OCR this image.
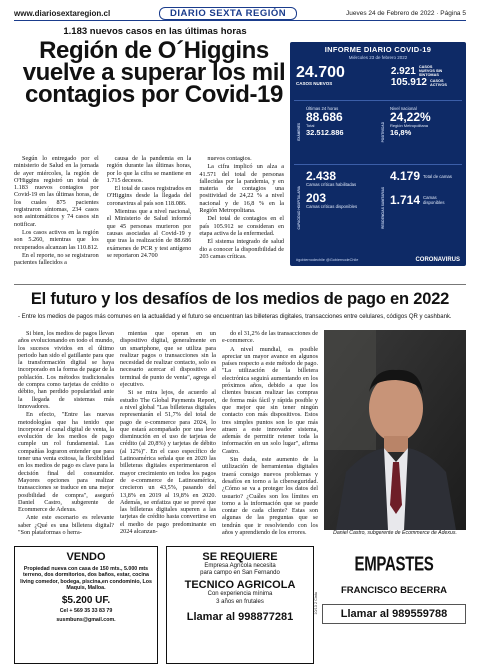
www.diariosextaregion.cl	DIARIO SEXTA REGIÓN	Jueves 24 de Febrero de 2022 · Página 5
1.183 nuevos casos en las últimas horas
Región de O´Higgins vuelve a superar los mil contagios por Covid-19

Según lo entregado por el ministerio de Salud en la jornada de ayer miércoles, la región de O'Higgins registró un total de 1.183 nuevos contagios por Covid-19 en las últimas horas, de los cuales 875 pacientes registraron síntomas, 234 casos son asintomáticos y 74 casos sin notificar.

Los casos activos en la región son 5.260, mientras que los recuperados alcanzan las 110.812.

En el reporte, no se registraron pacientes fallecidos a

causa de la pandemia en la región durante las últimas horas, por lo que la cifra se mantiene en 1.715 decesos.

El total de casos registrados en O'Higgins desde la llegada del coronavirus al país son 118.086.

Mientras que a nivel nacional, el Ministerio de Salud informó que 45 personas murieron por causas asociadas al Covid-19 y que tras la realización de 88.686 exámenes de PCR y test antígeno se reportaron 24.700

nuevos contagios.

La cifra implicó un alza a 41.571 del total de personas fallecidas por la pandemia, y en materia de contagios una positividad de 24,22 % a nivel nacional y de 16,8 % en la Región Metropolitana.

Del total de contagios en el país 105.912 se consideran en etapa activa de la enfermedad.

El sistema integrado de salud dio a conocer la disponibilidad de 203 camas críticas.

INFORME DIARIO COVID-19
Miércoles 23 de febrero 2022
24.700
CASOS NUEVOS
2.921 CASOS NUEVOS SIN SÍNTOMAS
105.912 CASOS ACTIVOS
EXÁMENES
Últimas 24 horas
88.686
Total
32.512.886	POSITIVIDAD
Nivel nacional
24,22%
Región Metropolitana
16,8%
CAPACIDAD HOSPITALARIA
2.438
Camas críticas habilitadas
203
Camas críticas disponibles	RESIDENCIAS SANITARIAS
4.179 Total de camas
1.714 Camas disponibles
#gobiernodechile @GobiernodeChile	CORONAVIRUS
El futuro y los desafíos de los medios de pago en 2022
- Entre los medios de pagos más comunes en la actualidad y el futuro se encuentran las billeteras digitales, transacciones entre celulares, códigos QR y cashbank.

Si bien, los medios de pagos llevan años evolucionando en todo el mundo, los sucesos vividos en el último periodo han sido el gatillante para que la transformación digital se haya incorporado en la forma de pagar de la población. Los métodos tradicionales de compra como tarjetas de crédito o débito, han perdido popularidad ante la llegada de sistemas más innovadores.

En efecto, "Entre las nuevas metodologías que ha tenido que incorporar el canal digital de venta, la evolución de los medios de pago cumple un rol fundamental. Las compañías lograron entender que para tener una venta exitosa, la flexibilidad en los medios de pago es clave para la decisión final del consumidor. Mayores opciones para realizar transacciones se traduce en una mejor posibilidad de compra", aseguró Daniel Castro, subgerente de Ecommerce de Adexus.

Ante este escenario es relevante saber ¿Qué es una billetera digital? "Son plataformas o herra-

mientas que operan en un dispositivo digital, generalmente en un smartphone, que se utiliza para realizar pagos o transacciones sin la necesidad de realizar contacto, solo es necesario acercar el dispositivo al terminal de punto de venta", agrega el ejecutivo.

Si se mira lejos, de acuerdo al estudio The Global Payments Report, a nivel global "Las billeteras digitales representarán el 51,7% del total de pago de e-commerce para 2024, lo que estará acompañado por una leve disminución en el uso de tarjetas de crédito (al 20,8%) y tarjetas de débito (al 12%)". En el caso específico de Latinoamérica señala que en 2020 las billeteras digitales experimentaron el mayor crecimiento en todos los pagos de e-commerce de Latinoamérica, crecieron un 43,5%, pasando del 13,8% en 2019 al 19,8% en 2020. Además, se enfatiza que se prevé que las billeteras digitales superen a las tarjetas de crédito hasta convertirse en el medio de pago predominante en 2024 alcanzan-

do el 31,2% de las transacciones de e-commerce.

A nivel mundial, es posible apreciar un mayor avance en algunos países respecto a este método de pago. "La utilización de la billetera electrónica seguirá aumentando en los próximos años, debido a que los clientes buscan realizar las compras de forma más fácil y rápida posible y que mejor que sin tener ningún contacto con más dispositivos. Estos tres simples puntos son lo que más atraen a este innovador sistema, además de permitir retener toda la información en un solo lugar", afirma Castro.

Sin duda, este aumento de la utilización de herramientas digitales traerá consigo nuevos problemas y desafíos en torno a la ciberseguridad. ¿Cómo se va a proteger los datos del usuario? ¿Cuáles son los límites en torno a la información que se puede contar de cada cliente? Estas son algunas de las preguntas que se tendrán que ir resolviendo con los años y aprendiendo de los errores.	Daniel Castro, subgerente de Ecommerce de Adexus.
VENDO
Propiedad nueva con casa de 150 mts., 5.000 mts terreno, dos dormitorios, dos baños, estar, cocina living comedor, bodega, piscina,en condominio, Los Maquis, Malloa.
$5.200 UF.
Cel + 569 35 33 83 79
susmbuns@gmail.com.
SE REQUIERE
Empresa Agrícola necesita
para campo en San Fernando
TECNICO AGRICOLA
Con experiencia mínima
3 años en frutales
Llamar al 998877281
10/13 2 Cinta
EMPASTES
FRANCISCO BECERRA
Llamar al 989559788
